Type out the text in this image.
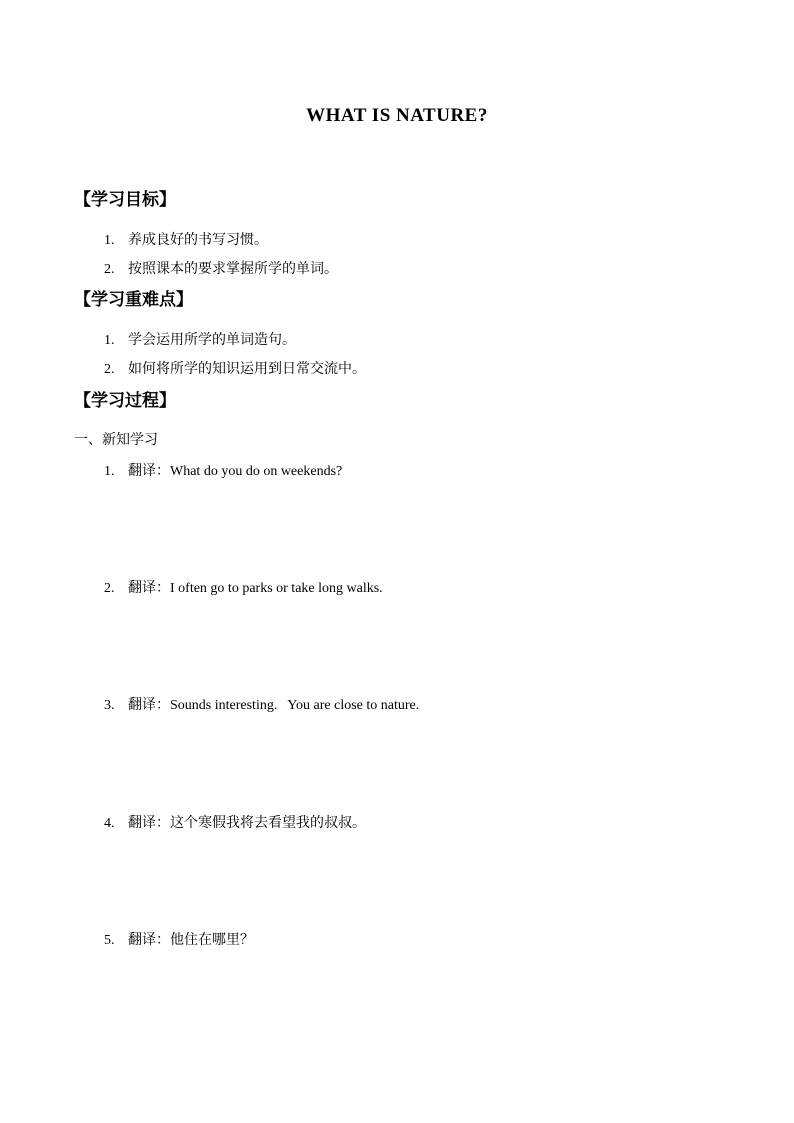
WHAT IS NATURE?
【学习目标】
1. 养成良好的书写习惯。
2. 按照课本的要求掌握所学的单词。
【学习重难点】
1. 学会运用所学的单词造句。
2. 如何将所学的知识运用到日常交流中。
【学习过程】
一、新知学习
1. 翻译：What do you do on weekends?
2. 翻译：I often go to parks or take long walks.
3. 翻译：Sounds interesting.   You are close to nature.
4. 翻译：这个寒假我将去看望我的叔叔。
5. 翻译：他住在哪里？
